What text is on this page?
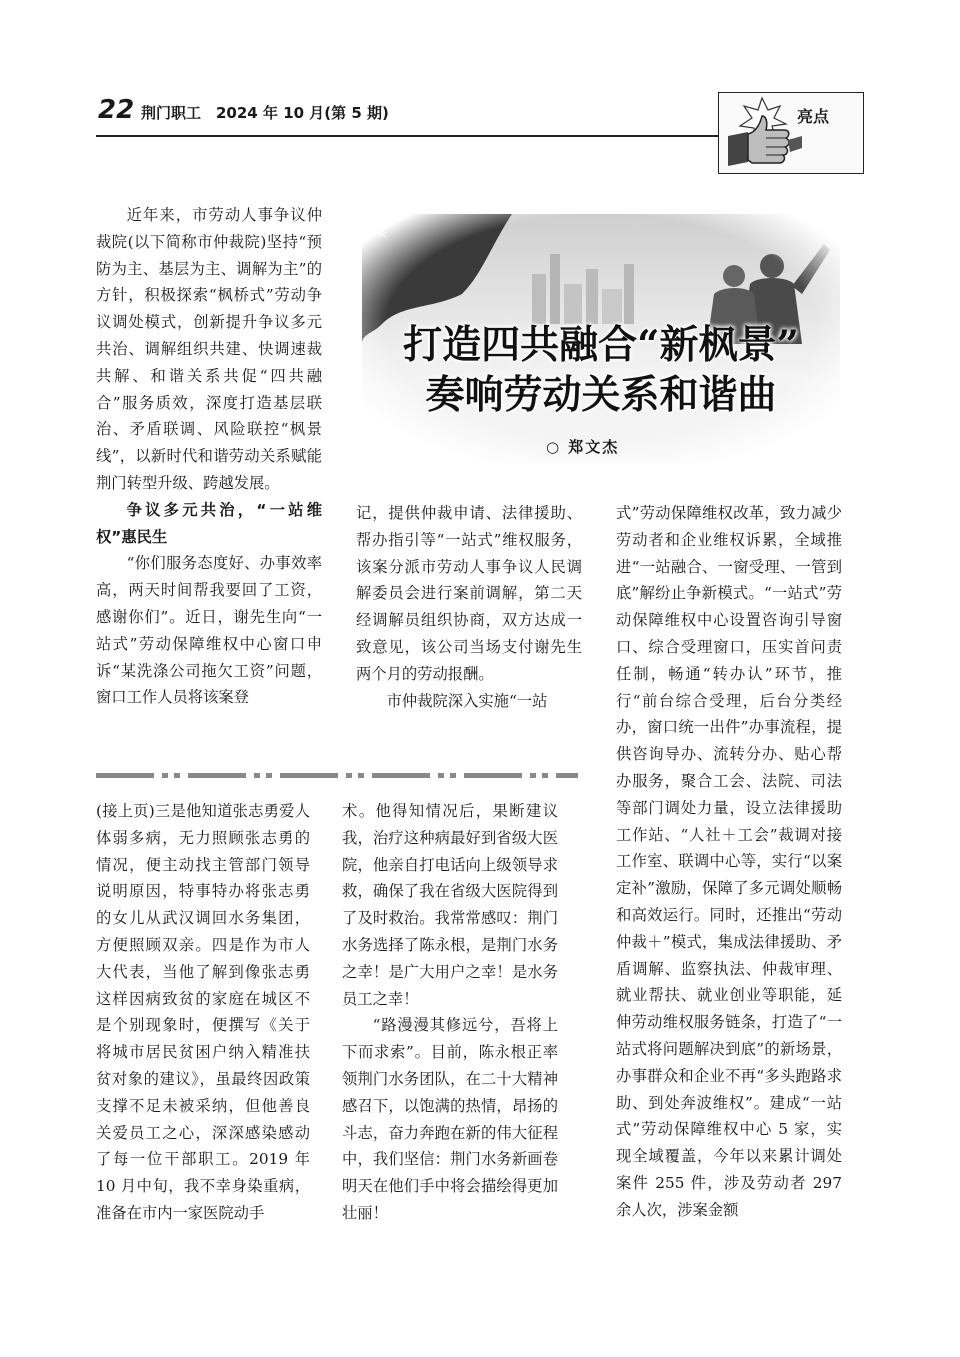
22 荆门职工 2024 年 10 月(第 5 期)	亮点
打造四共融合“新枫景”
奏响劳动关系和谐曲
○ 郑文杰

近年来，市劳动人事争议仲裁院(以下简称市仲裁院)坚持“预防为主、基层为主、调解为主”的方针，积极探索“枫桥式”劳动争议调处模式，创新提升争议多元共治、调解组织共建、快调速裁共解、和谐关系共促“四共融合”服务质效，深度打造基层联治、矛盾联调、风险联控“枫景线”，以新时代和谐劳动关系赋能荆门转型升级、跨越发展。

争议多元共治，“一站维权”惠民生

“你们服务态度好、办事效率高，两天时间帮我要回了工资，感谢你们”。近日，谢先生向“一站式”劳动保障维权中心窗口申诉“某洗涤公司拖欠工资”问题，窗口工作人员将该案登

记，提供仲裁申请、法律援助、帮办指引等“一站式”维权服务，该案分派市劳动人事争议人民调解委员会进行案前调解，第二天经调解员组织协商，双方达成一致意见，该公司当场支付谢先生两个月的劳动报酬。

市仲裁院深入实施“一站

式”劳动保障维权改革，致力减少劳动者和企业维权诉累，全域推进“一站融合、一窗受理、一管到底”解纷止争新模式。“一站式”劳动保障维权中心设置咨询引导窗口、综合受理窗口，压实首问责任制，畅通“转办认”环节，推行“前台综合受理，后台分类经办，窗口统一出件”办事流程，提供咨询导办、流转分办、贴心帮办服务，聚合工会、法院、司法等部门调处力量，设立法律援助工作站、“人社＋工会”裁调对接工作室、联调中心等，实行“以案定补”激励，保障了多元调处顺畅和高效运行。同时，还推出“劳动仲裁＋”模式，集成法律援助、矛盾调解、监察执法、仲裁审理、就业帮扶、就业创业等职能，延伸劳动维权服务链条，打造了“一站式将问题解决到底”的新场景，办事群众和企业不再“多头跑路求助、到处奔波维权”。建成“一站式”劳动保障维权中心 5 家，实现全域覆盖，今年以来累计调处案件 255 件，涉及劳动者 297 余人次，涉案金额

(接上页)三是他知道张志勇爱人体弱多病，无力照顾张志勇的情况，便主动找主管部门领导说明原因，特事特办将张志勇的女儿从武汉调回水务集团，方便照顾双亲。四是作为市人大代表，当他了解到像张志勇这样因病致贫的家庭在城区不是个别现象时，便撰写《关于将城市居民贫困户纳入精准扶贫对象的建议》，虽最终因政策支撑不足未被采纳，但他善良关爱员工之心，深深感染感动了每一位干部职工。2019 年 10 月中旬，我不幸身染重病，准备在市内一家医院动手

术。他得知情况后，果断建议我，治疗这种病最好到省级大医院，他亲自打电话向上级领导求救，确保了我在省级大医院得到了及时救治。我常常感叹：荆门水务选择了陈永根，是荆门水务之幸！是广大用户之幸！是水务员工之幸！

“路漫漫其修远兮，吾将上下而求索”。目前，陈永根正率领荆门水务团队，在二十大精神感召下，以饱满的热情，昂扬的斗志，奋力奔跑在新的伟大征程中，我们坚信：荆门水务新画卷明天在他们手中将会描绘得更加壮丽！
